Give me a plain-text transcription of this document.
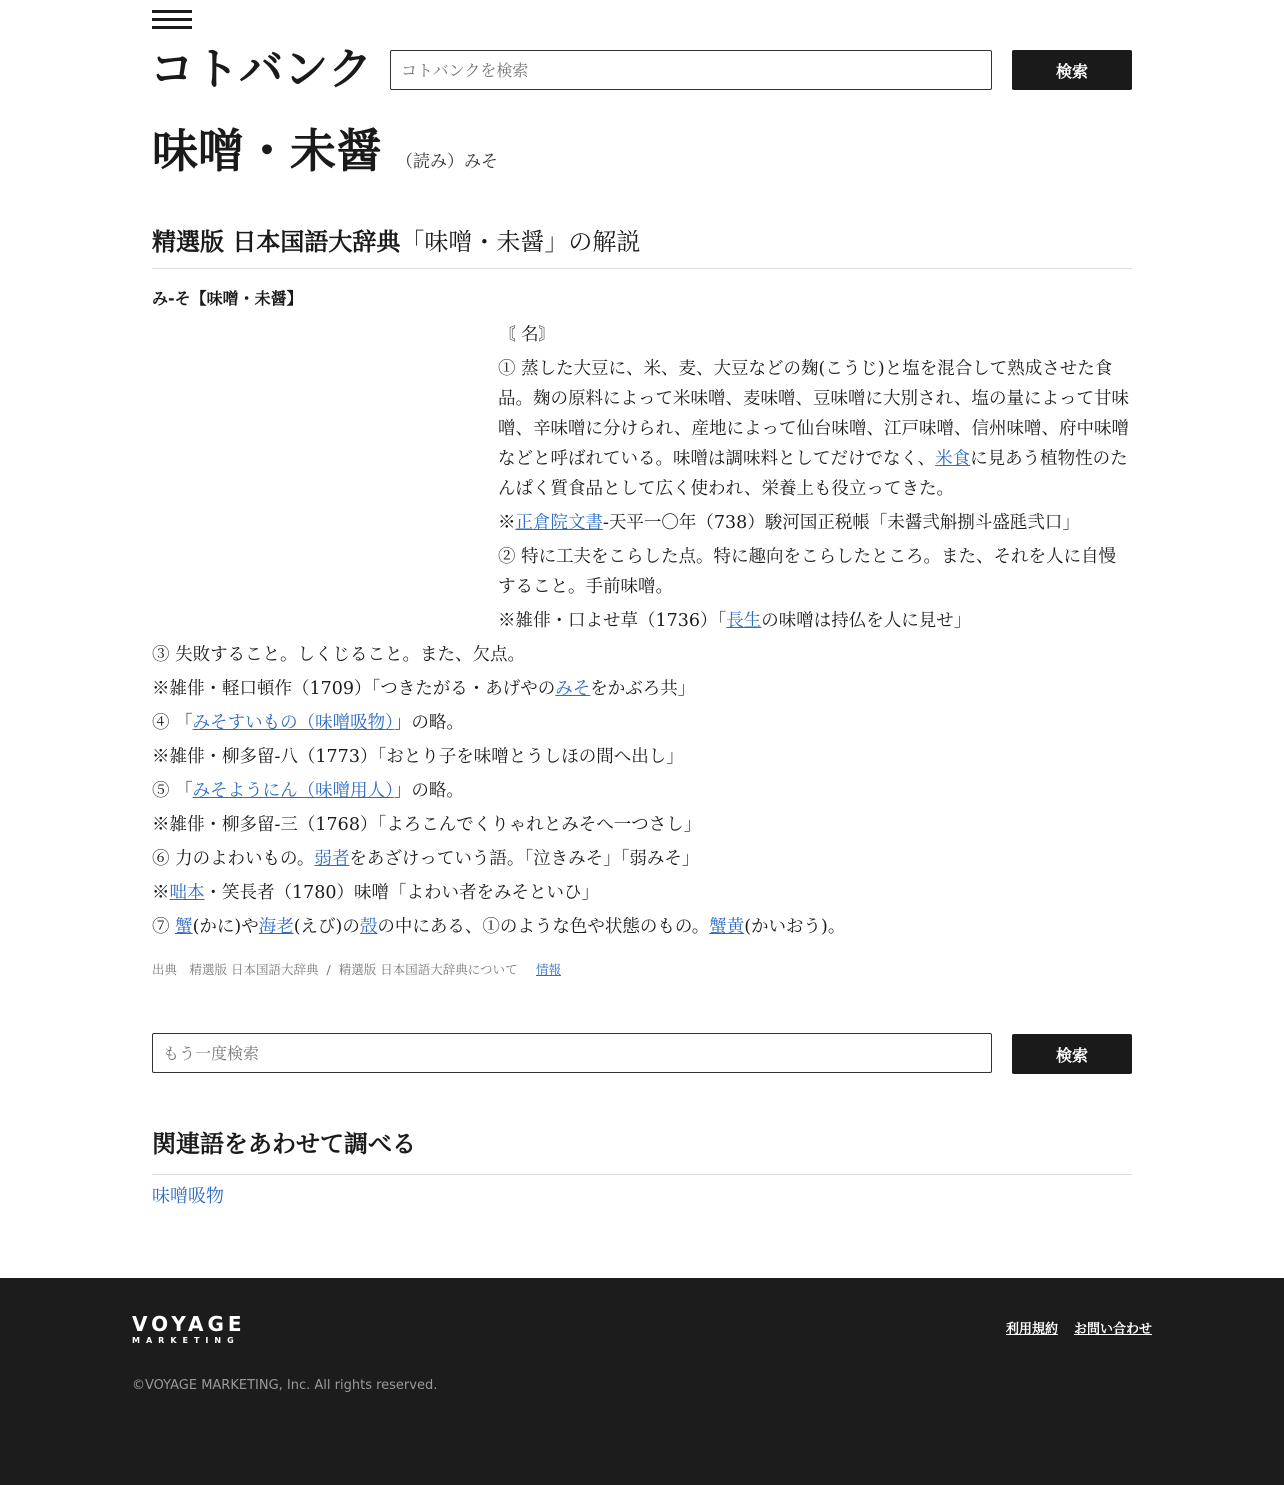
コトバンク
コトバンクを検索	検索
味噌・未醤 （読み）みそ
精選版 日本国語大辞典「味噌・未醤」の解説
み-そ【味噌・未醤】

〘 名〙

① 蒸した大豆に、米、麦、大豆などの麹(こうじ)と塩を混合して熟成させた食品。麹の原料によって米味噌、麦味噌、豆味噌に大別され、塩の量によって甘味噌、辛味噌に分けられ、産地によって仙台味噌、江戸味噌、信州味噌、府中味噌などと呼ばれている。味噌は調味料としてだけでなく、米食に見あう植物性のたんぱく質食品として広く使われ、栄養上も役立ってきた。

※正倉院文書-天平一〇年（738）駿河国正税帳「未醤弐斛捌斗盛瓱弐口」

② 特に工夫をこらした点。特に趣向をこらしたところ。また、それを人に自慢すること。手前味噌。

※雑俳・口よせ草（1736）「長生の味噌は持仏を人に見せ」

③ 失敗すること。しくじること。また、欠点。

※雑俳・軽口頓作（1709）「つきたがる・あげやのみそをかぶろ共」

④ 「みそすいもの（味噌吸物）」の略。

※雑俳・柳多留-八（1773）「おとり子を味噌とうしほの間へ出し」

⑤ 「みそようにん（味噌用人）」の略。

※雑俳・柳多留-三（1768）「よろこんでくりゃれとみそへ一つさし」

⑥ 力のよわいもの。弱者をあざけっていう語。「泣きみそ」「弱みそ」

※咄本・笑長者（1780）味噌「よわい者をみそといひ」

⑦ 蟹(かに)や海老(えび)の殻の中にある、①のような色や状態のもの。蟹黄(かいおう)。

出典　 精選版 日本国語大辞典 / 精選版 日本国語大辞典について　 情報
もう一度検索
検索
関連語をあわせて調べる
味噌吸物
VOYAGE
MARKETING
利用規約 お問い合わせ
©VOYAGE MARKETING, Inc. All rights reserved.
